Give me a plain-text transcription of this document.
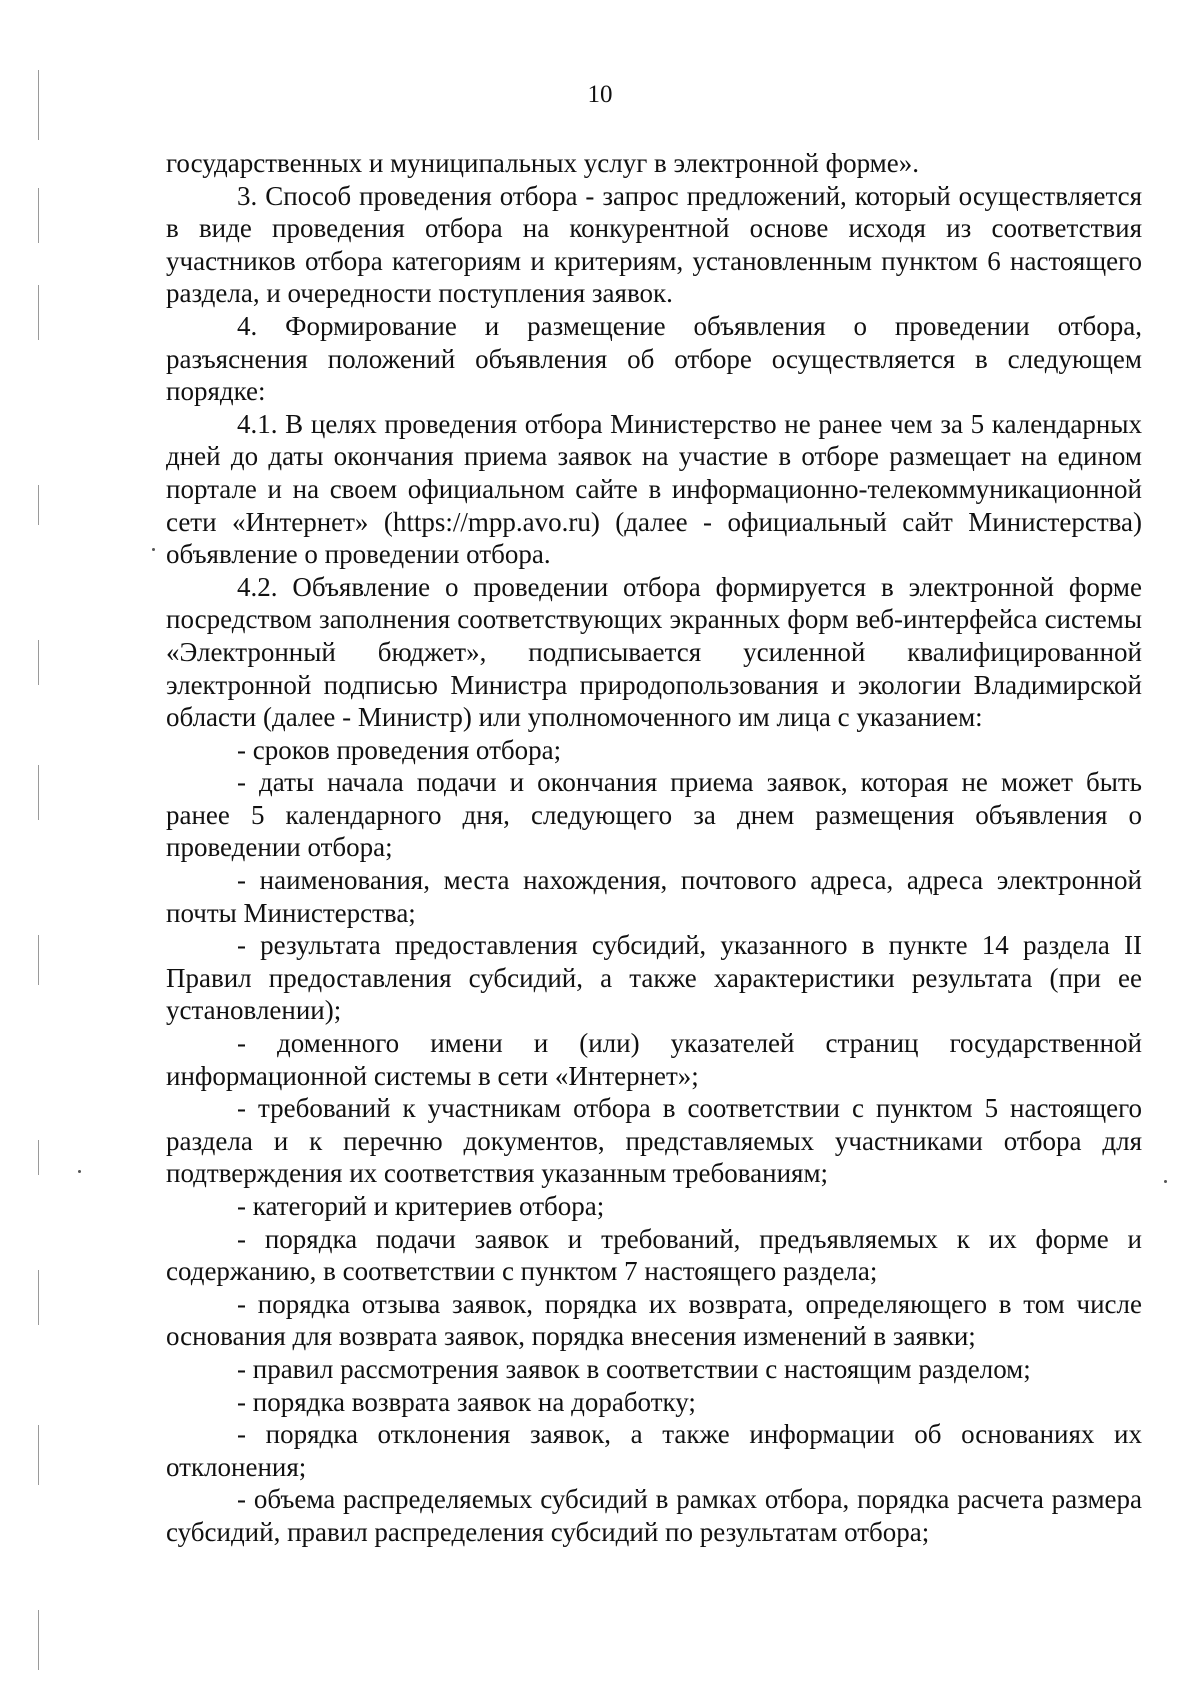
10

государственных и муниципальных услуг в электронной форме».

3. Способ проведения отбора - запрос предложений, который осуществляется в виде проведения отбора на конкурентной основе исходя из соответствия участников отбора категориям и критериям, установленным пунктом 6 настоящего раздела, и очередности поступления заявок.

4. Формирование и размещение объявления о проведении отбора, разъяснения положений объявления об отборе осуществляется в следующем порядке:

4.1. В целях проведения отбора Министерство не ранее чем за 5 календарных дней до даты окончания приема заявок на участие в отборе размещает на едином портале и на своем официальном сайте в информационно-телекоммуникационной сети «Интернет» (https://mpp.avo.ru) (далее - официальный сайт Министерства) объявление о проведении отбора.

4.2. Объявление о проведении отбора формируется в электронной форме посредством заполнения соответствующих экранных форм веб-интерфейса системы «Электронный бюджет», подписывается усиленной квалифицированной электронной подписью Министра природопользования и экологии Владимирской области (далее - Министр) или уполномоченного им лица с указанием:

- сроков проведения отбора;

- даты начала подачи и окончания приема заявок, которая не может быть ранее 5 календарного дня, следующего за днем размещения объявления о проведении отбора;

- наименования, места нахождения, почтового адреса, адреса электронной почты Министерства;

- результата предоставления субсидий, указанного в пункте 14 раздела II Правил предоставления субсидий, а также характеристики результата (при ее установлении);

- доменного имени и (или) указателей страниц государственной информационной системы в сети «Интернет»;

- требований к участникам отбора в соответствии с пунктом 5 настоящего раздела и к перечню документов, представляемых участниками отбора для подтверждения их соответствия указанным требованиям;

- категорий и критериев отбора;

- порядка подачи заявок и требований, предъявляемых к их форме и содержанию, в соответствии с пунктом 7 настоящего раздела;

- порядка отзыва заявок, порядка их возврата, определяющего в том числе основания для возврата заявок, порядка внесения изменений в заявки;

- правил рассмотрения заявок в соответствии с настоящим разделом;

- порядка возврата заявок на доработку;

- порядка отклонения заявок, а также информации об основаниях их отклонения;

- объема распределяемых субсидий в рамках отбора, порядка расчета размера субсидий, правил распределения субсидий по результатам отбора;
